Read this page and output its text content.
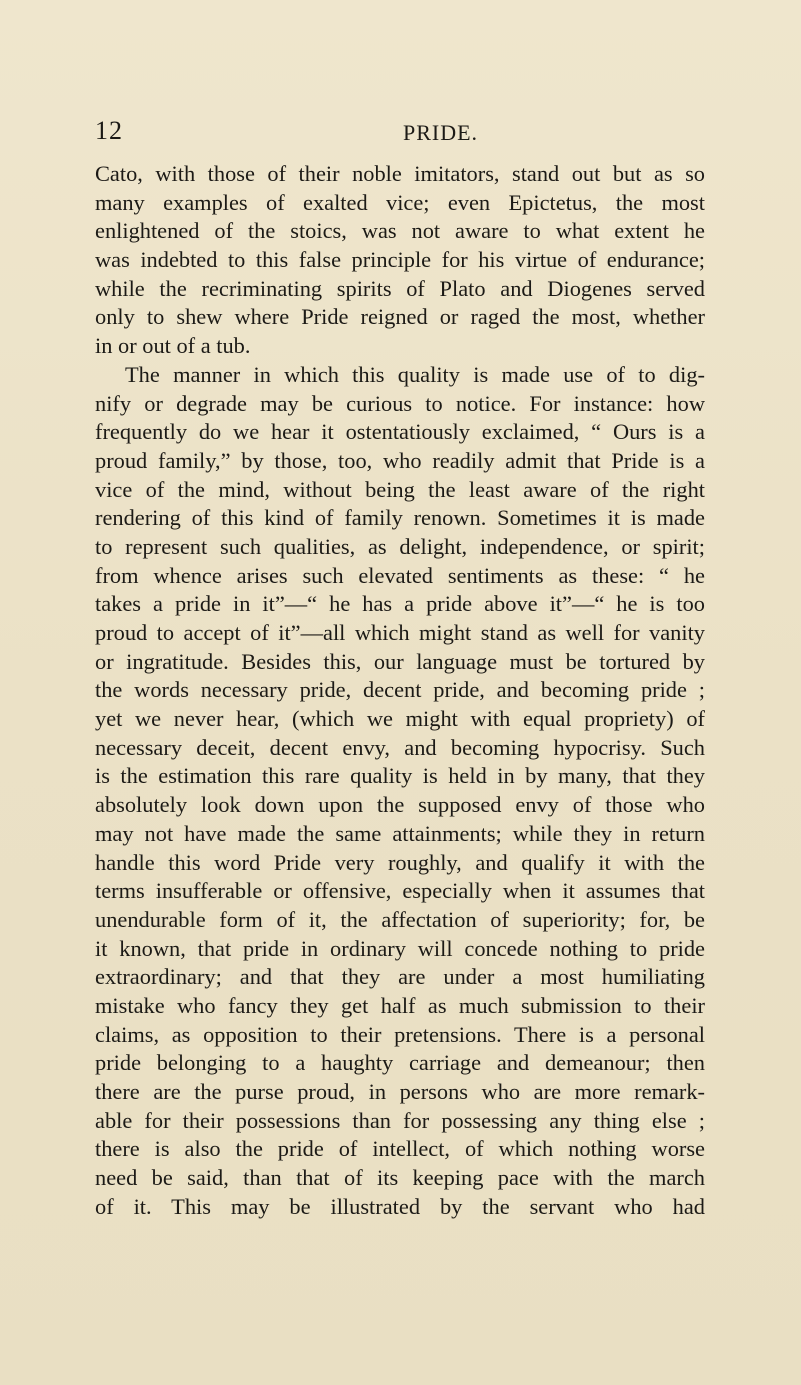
12	PRIDE.
Cato, with those of their noble imitators, stand out but as so
many examples of exalted vice; even Epictetus, the most
enlightened of the stoics, was not aware to what extent he
was indebted to this false principle for his virtue of endurance;
while the recriminating spirits of Plato and Diogenes served
only to shew where Pride reigned or raged the most, whether
in or out of a tub.
The manner in which this quality is made use of to dig-
nify or degrade may be curious to notice. For instance: how
frequently do we hear it ostentatiously exclaimed, “ Ours is a
proud family,” by those, too, who readily admit that Pride is a
vice of the mind, without being the least aware of the right
rendering of this kind of family renown. Sometimes it is made
to represent such qualities, as delight, independence, or spirit;
from whence arises such elevated sentiments as these: “ he
takes a pride in it”—“ he has a pride above it”—“ he is too
proud to accept of it”—all which might stand as well for vanity
or ingratitude. Besides this, our language must be tortured by
the words necessary pride, decent pride, and becoming pride ;
yet we never hear, (which we might with equal propriety) of
necessary deceit, decent envy, and becoming hypocrisy. Such
is the estimation this rare quality is held in by many, that they
absolutely look down upon the supposed envy of those who
may not have made the same attainments; while they in return
handle this word Pride very roughly, and qualify it with the
terms insufferable or offensive, especially when it assumes that
unendurable form of it, the affectation of superiority; for, be
it known, that pride in ordinary will concede nothing to pride
extraordinary; and that they are under a most humiliating
mistake who fancy they get half as much submission to their
claims, as opposition to their pretensions. There is a personal
pride belonging to a haughty carriage and demeanour; then
there are the purse proud, in persons who are more remark-
able for their possessions than for possessing any thing else ;
there is also the pride of intellect, of which nothing worse
need be said, than that of its keeping pace with the march
of it. This may be illustrated by the servant who had
